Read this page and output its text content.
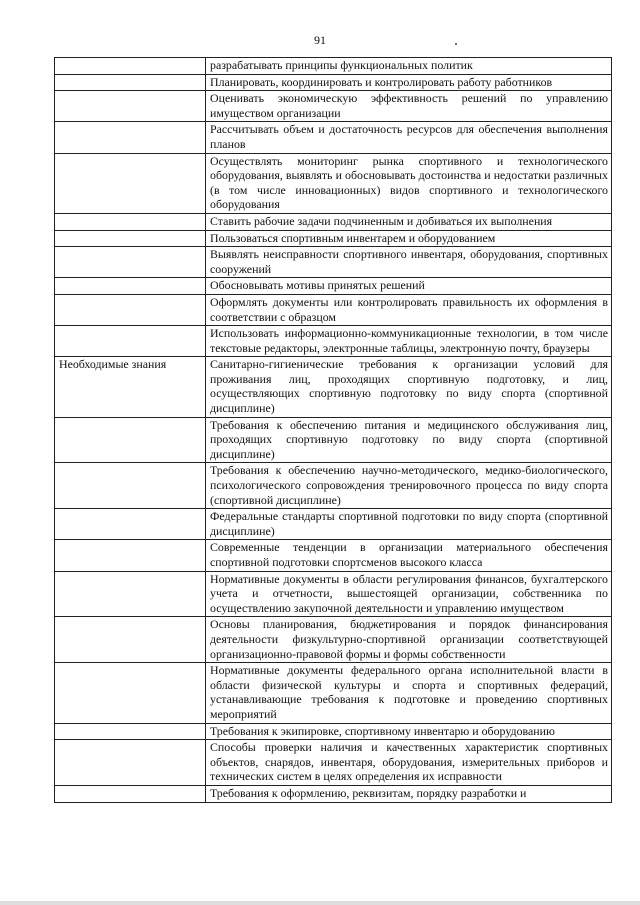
91
	разрабатывать принципы функциональных политик
	Планировать, координировать и контролировать работу работников
	Оценивать экономическую эффективность решений по управлению имуществом организации
	Рассчитывать объем и достаточность ресурсов для обеспечения выполнения планов
	Осуществлять мониторинг рынка спортивного и технологического оборудования, выявлять и обосновывать достоинства и недостатки различных (в том числе инновационных) видов спортивного и технологического оборудования
	Ставить рабочие задачи подчиненным и добиваться их выполнения
	Пользоваться спортивным инвентарем и оборудованием
	Выявлять неисправности спортивного инвентаря, оборудования, спортивных сооружений
	Обосновывать мотивы принятых решений
	Оформлять документы или контролировать правильность их оформления в соответствии с образцом
	Использовать информационно-коммуникационные технологии, в том числе текстовые редакторы, электронные таблицы, электронную почту, браузеры
Необходимые знания	Санитарно-гигиенические требования к организации условий для проживания лиц, проходящих спортивную подготовку, и лиц, осуществляющих спортивную подготовку по виду спорта (спортивной дисциплине)
	Требования к обеспечению питания и медицинского обслуживания лиц, проходящих спортивную подготовку по виду спорта (спортивной дисциплине)
	Требования к обеспечению научно-методического, медико-биологического, психологического сопровождения тренировочного процесса по виду спорта (спортивной дисциплине)
	Федеральные стандарты спортивной подготовки по виду спорта (спортивной дисциплине)
	Современные тенденции в организации материального обеспечения спортивной подготовки спортсменов высокого класса
	Нормативные документы в области регулирования финансов, бухгалтерского учета и отчетности, вышестоящей организации, собственника по осуществлению закупочной деятельности и управлению имуществом
	Основы планирования, бюджетирования и порядок финансирования деятельности физкультурно-спортивной организации соответствующей организационно-правовой формы и формы собственности
	Нормативные документы федерального органа исполнительной власти в области физической культуры и спорта и спортивных федераций, устанавливающие требования к подготовке и проведению спортивных мероприятий
	Требования к экипировке, спортивному инвентарю и оборудованию
	Способы проверки наличия и качественных характеристик спортивных объектов, снарядов, инвентаря, оборудования, измерительных приборов и технических систем в целях определения их исправности
	Требования к оформлению, реквизитам, порядку разработки и
